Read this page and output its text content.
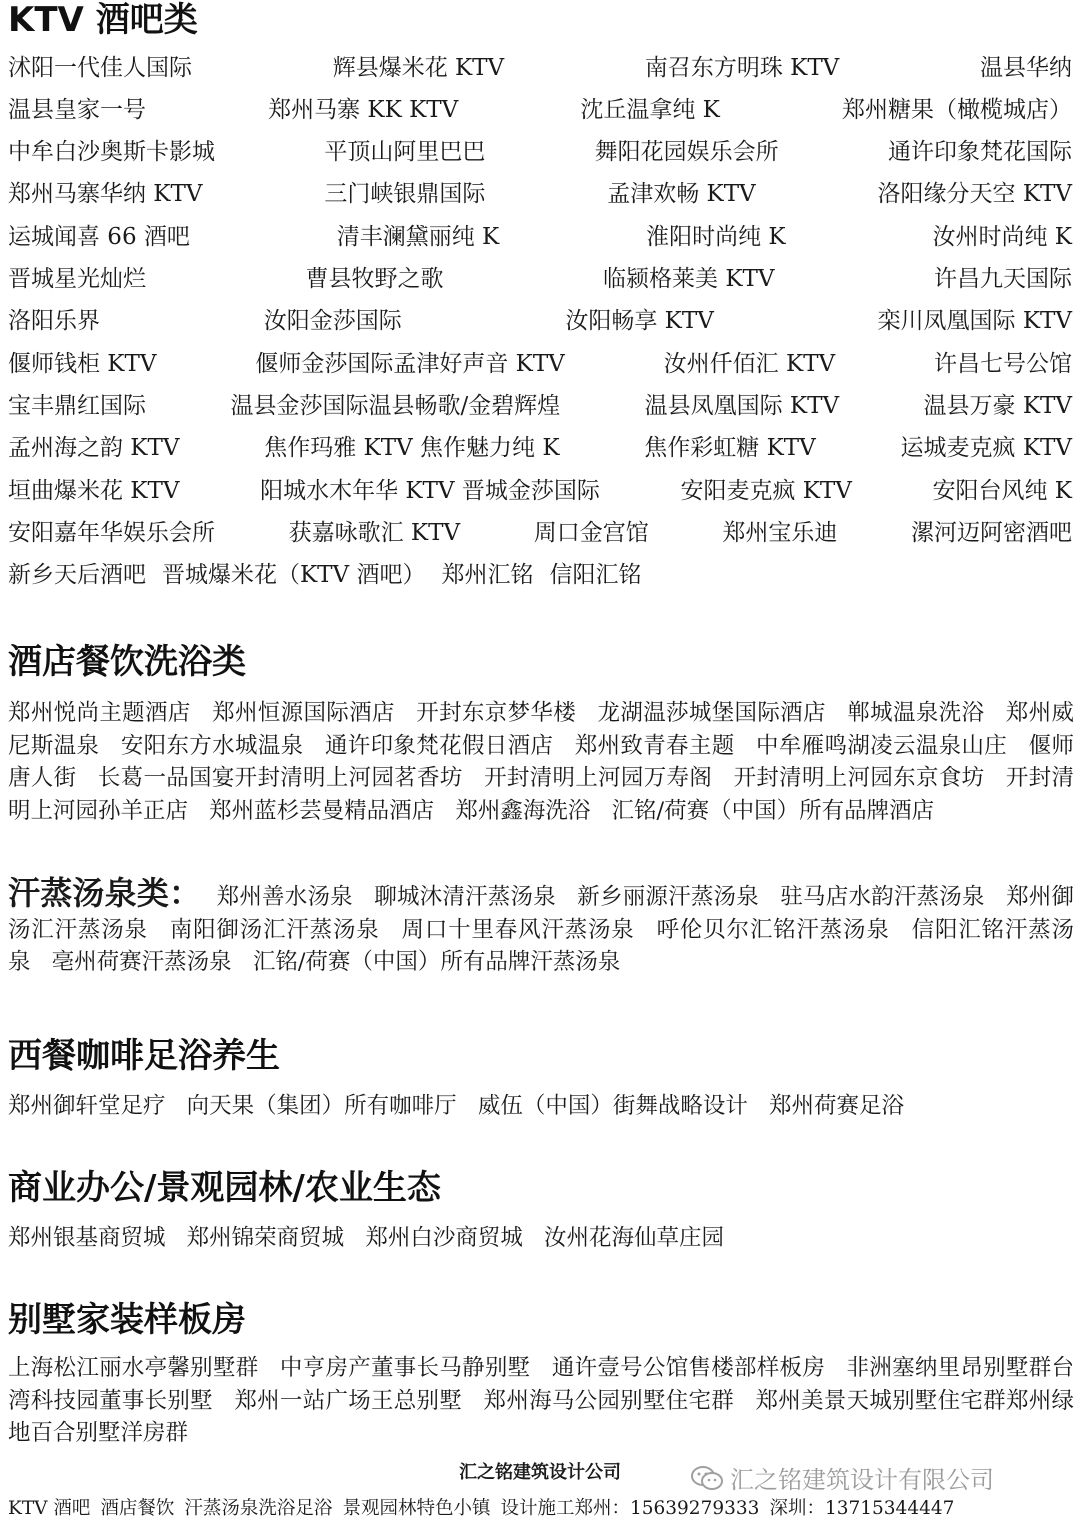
KTV 酒吧类
沭阳一代佳人国际	辉县爆米花 KTV	南召东方明珠 KTV	温县华纳
温县皇家一号	郑州马寨 KK KTV	沈丘温拿纯 K	郑州糖果（橄榄城店）
中牟白沙奥斯卡影城	平顶山阿里巴巴	舞阳花园娱乐会所	通许印象梵花国际
郑州马寨华纳 KTV	三门峡银鼎国际	孟津欢畅 KTV	洛阳缘分天空 KTV
运城闻喜 66 酒吧	清丰澜黛丽纯 K	淮阳时尚纯 K	汝州时尚纯 K
晋城星光灿烂	曹县牧野之歌	临颍格莱美 KTV	许昌九天国际
洛阳乐界	汝阳金莎国际	汝阳畅享 KTV	栾川凤凰国际 KTV
偃师钱柜 KTV	偃师金莎国际孟津好声音 KTV	汝州仟佰汇 KTV	许昌七号公馆
宝丰鼎红国际	温县金莎国际温县畅歌/金碧辉煌	温县凤凰国际 KTV	温县万豪 KTV
孟州海之韵 KTV	焦作玛雅 KTV 焦作魅力纯 K	焦作彩虹糖 KTV	运城麦克疯 KTV
垣曲爆米花 KTV	阳城水木年华 KTV 晋城金莎国际	安阳麦克疯 KTV	安阳台风纯 K
安阳嘉年华娱乐会所	获嘉咏歌汇 KTV	周口金宫馆	郑州宝乐迪	漯河迈阿密酒吧
新乡天后酒吧 晋城爆米花（KTV 酒吧） 郑州汇铭 信阳汇铭
酒店餐饮洗浴类
郑州悦尚主题酒店 郑州恒源国际酒店 开封东京梦华楼 龙湖温莎城堡国际酒店 郸城温泉洗浴 郑州威尼斯温泉 安阳东方水城温泉 通许印象梵花假日酒店 郑州致青春主题 中牟雁鸣湖凌云温泉山庄 偃师唐人街 长葛一品国宴开封清明上河园茗香坊 开封清明上河园万寿阁 开封清明上河园东京食坊 开封清明上河园孙羊正店 郑州蓝杉芸曼精品酒店 郑州鑫海洗浴 汇铭/荷赛（中国）所有品牌酒店
汗蒸汤泉类： 郑州善水汤泉 聊城沐清汗蒸汤泉 新乡丽源汗蒸汤泉 驻马店水韵汗蒸汤泉 郑州御汤汇汗蒸汤泉 南阳御汤汇汗蒸汤泉 周口十里春风汗蒸汤泉 呼伦贝尔汇铭汗蒸汤泉 信阳汇铭汗蒸汤泉 亳州荷赛汗蒸汤泉 汇铭/荷赛（中国）所有品牌汗蒸汤泉
西餐咖啡足浴养生
郑州御轩堂足疗 向天果（集团）所有咖啡厅 威伍（中国）街舞战略设计 郑州荷赛足浴
商业办公/景观园林/农业生态
郑州银基商贸城 郑州锦荣商贸城 郑州白沙商贸城 汝州花海仙草庄园
别墅家装样板房
上海松江丽水亭馨别墅群 中亨房产董事长马静别墅 通许壹号公馆售楼部样板房 非洲塞纳里昂别墅群台湾科技园董事长别墅 郑州一站广场王总别墅 郑州海马公园别墅住宅群 郑州美景天城别墅住宅群郑州绿地百合别墅洋房群
汇之铭建筑设计公司	汇之铭建筑设计有限公司
KTV 酒吧 酒店餐饮 汗蒸汤泉洗浴足浴 景观园林特色小镇 设计施工郑州：15639279333 深圳：13715344447
